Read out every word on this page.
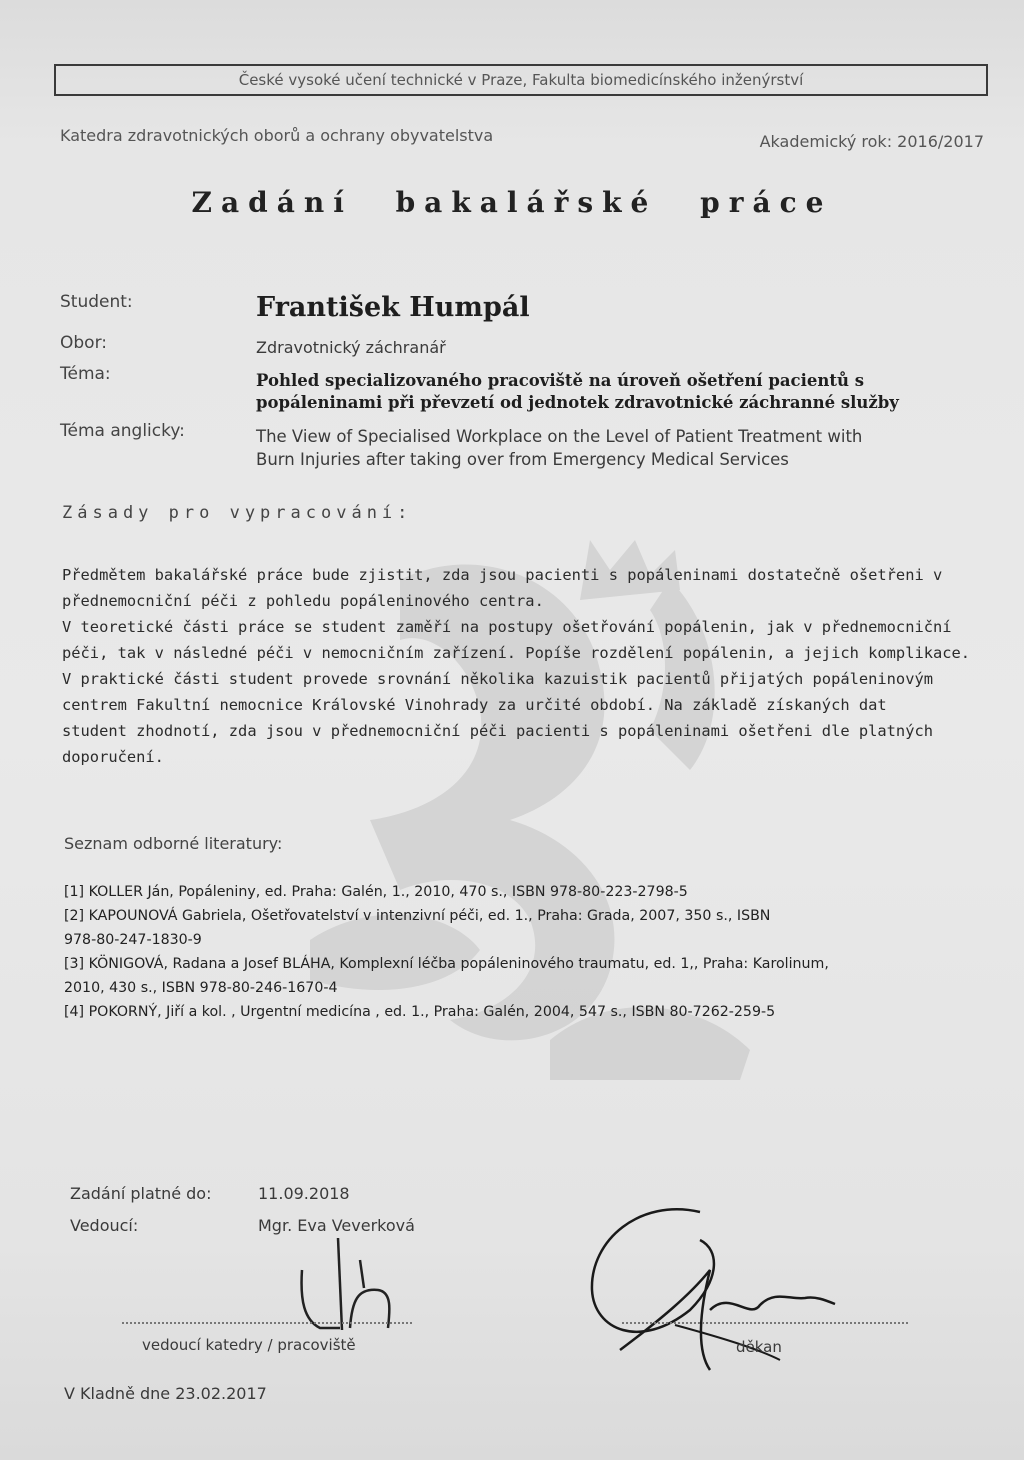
České vysoké učení technické v Praze, Fakulta biomedicínského inženýrství
Katedra zdravotnických oborů a ochrany obyvatelstva	Akademický rok: 2016/2017
Zadání bakalářské práce
Student:	František Humpál
Obor:	Zdravotnický záchranář
Téma:	Pohled specializovaného pracoviště na úroveň ošetření pacientů s
popáleninami při převzetí od jednotek zdravotnické záchranné služby
Téma anglicky:	The View of Specialised Workplace on the Level of Patient Treatment with
Burn Injuries after taking over from Emergency Medical Services
Zásady pro vypracování:

Předmětem bakalářské práce bude zjistit, zda jsou pacienti s popáleninami dostatečně ošetřeni v

přednemocniční péči z pohledu popáleninového centra.

V teoretické části práce se student zaměří na postupy ošetřování popálenin, jak v přednemocniční

péči, tak v následné péči v nemocničním zařízení. Popíše rozdělení popálenin, a jejich komplikace.

V praktické části student provede srovnání několika kazuistik pacientů přijatých popáleninovým

centrem Fakultní nemocnice Královské Vinohrady za určité období. Na základě získaných dat

student zhodnotí, zda jsou v přednemocniční péči pacienti s popáleninami ošetřeni dle platných

doporučení.

Seznam odborné literatury:
[1] KOLLER Ján, Popáleniny, ed. Praha: Galén, 1., 2010, 470 s., ISBN 978-80-223-2798-5
[2] KAPOUNOVÁ Gabriela, Ošetřovatelství v intenzivní péči, ed. 1., Praha: Grada, 2007, 350 s., ISBN
978-80-247-1830-9
[3] KÖNIGOVÁ, Radana a Josef BLÁHA, Komplexní léčba popáleninového traumatu, ed. 1,, Praha: Karolinum,
2010, 430 s., ISBN 978-80-246-1670-4
[4] POKORNÝ, Jiří a kol. , Urgentní medicína , ed. 1., Praha: Galén, 2004, 547 s., ISBN 80-7262-259-5
Zadání platné do:	11.09.2018
Vedoucí:	Mgr. Eva Veverková
vedoucí katedry / pracoviště	děkan
V Kladně dne 23.02.2017
